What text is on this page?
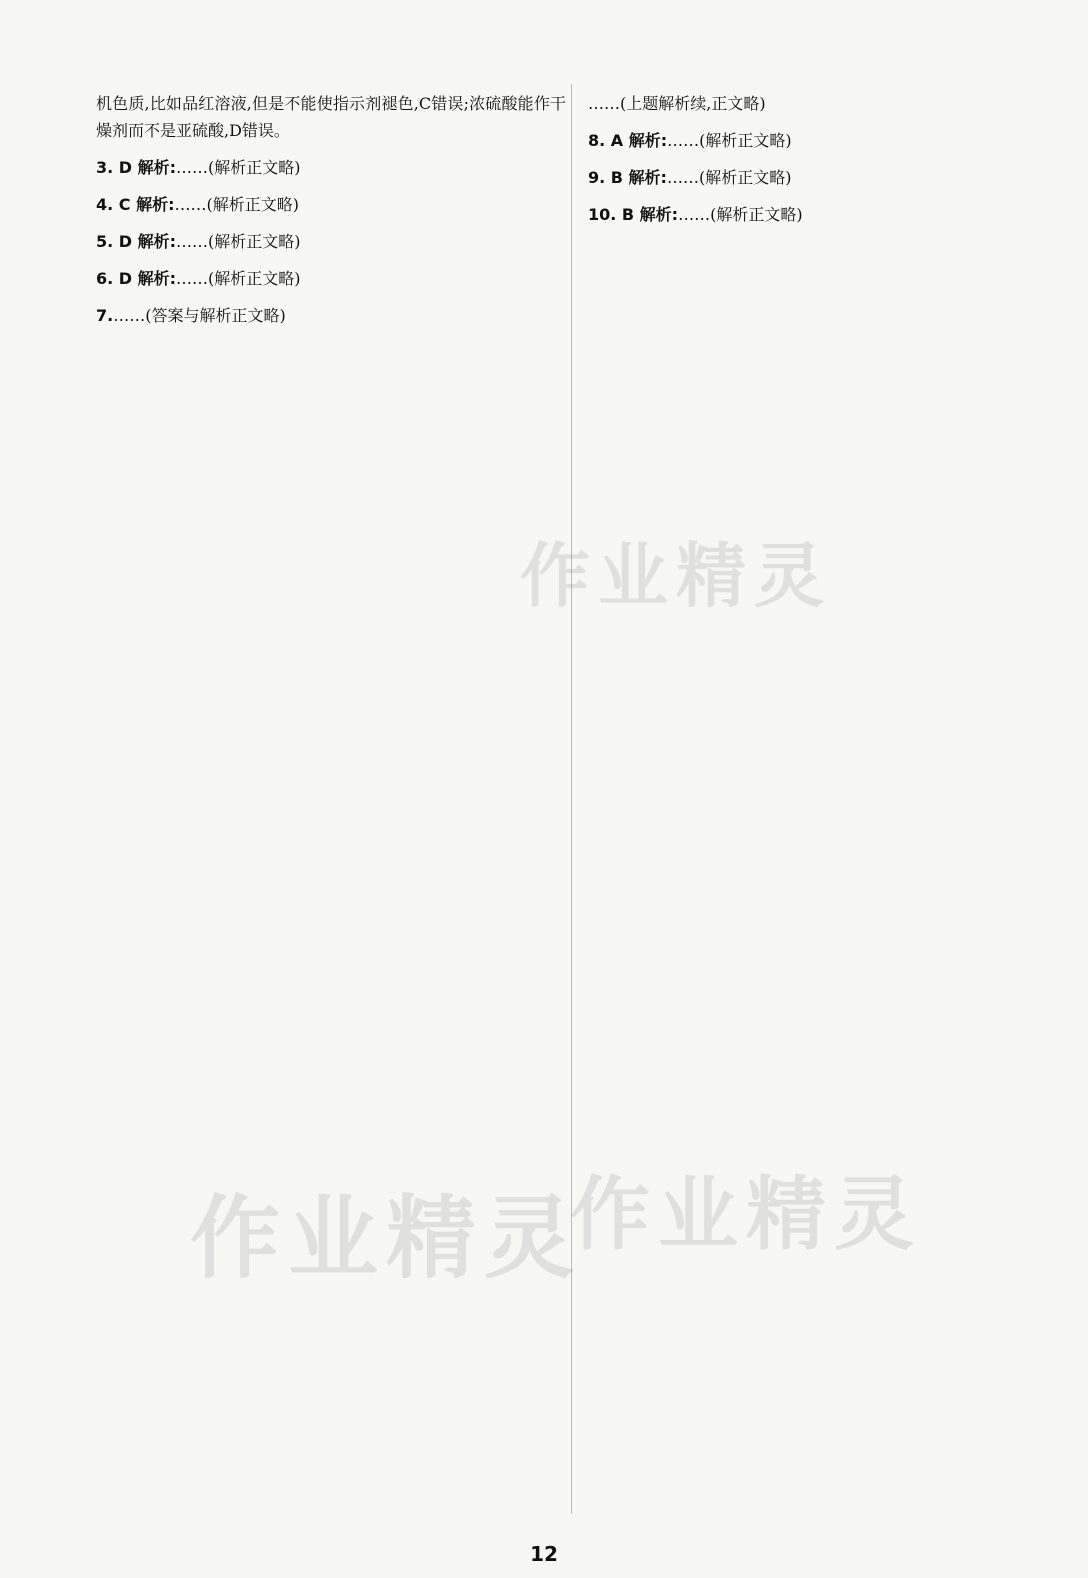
机色质,比如品红溶液,但是不能使指示剂褪色,C错误;浓硫酸能作干燥剂而不是亚硫酸,D错误。
3. D 解析:……(解析正文略)
4. C 解析:……(解析正文略)
5. D 解析:……(解析正文略)
6. D 解析:……(解析正文略)
7.……(答案与解析正文略)
……(上题解析续,正文略)
8. A 解析:……(解析正文略)
9. B 解析:……(解析正文略)
10. B 解析:……(解析正文略)
作业精灵
作业精灵
作业精灵
12
